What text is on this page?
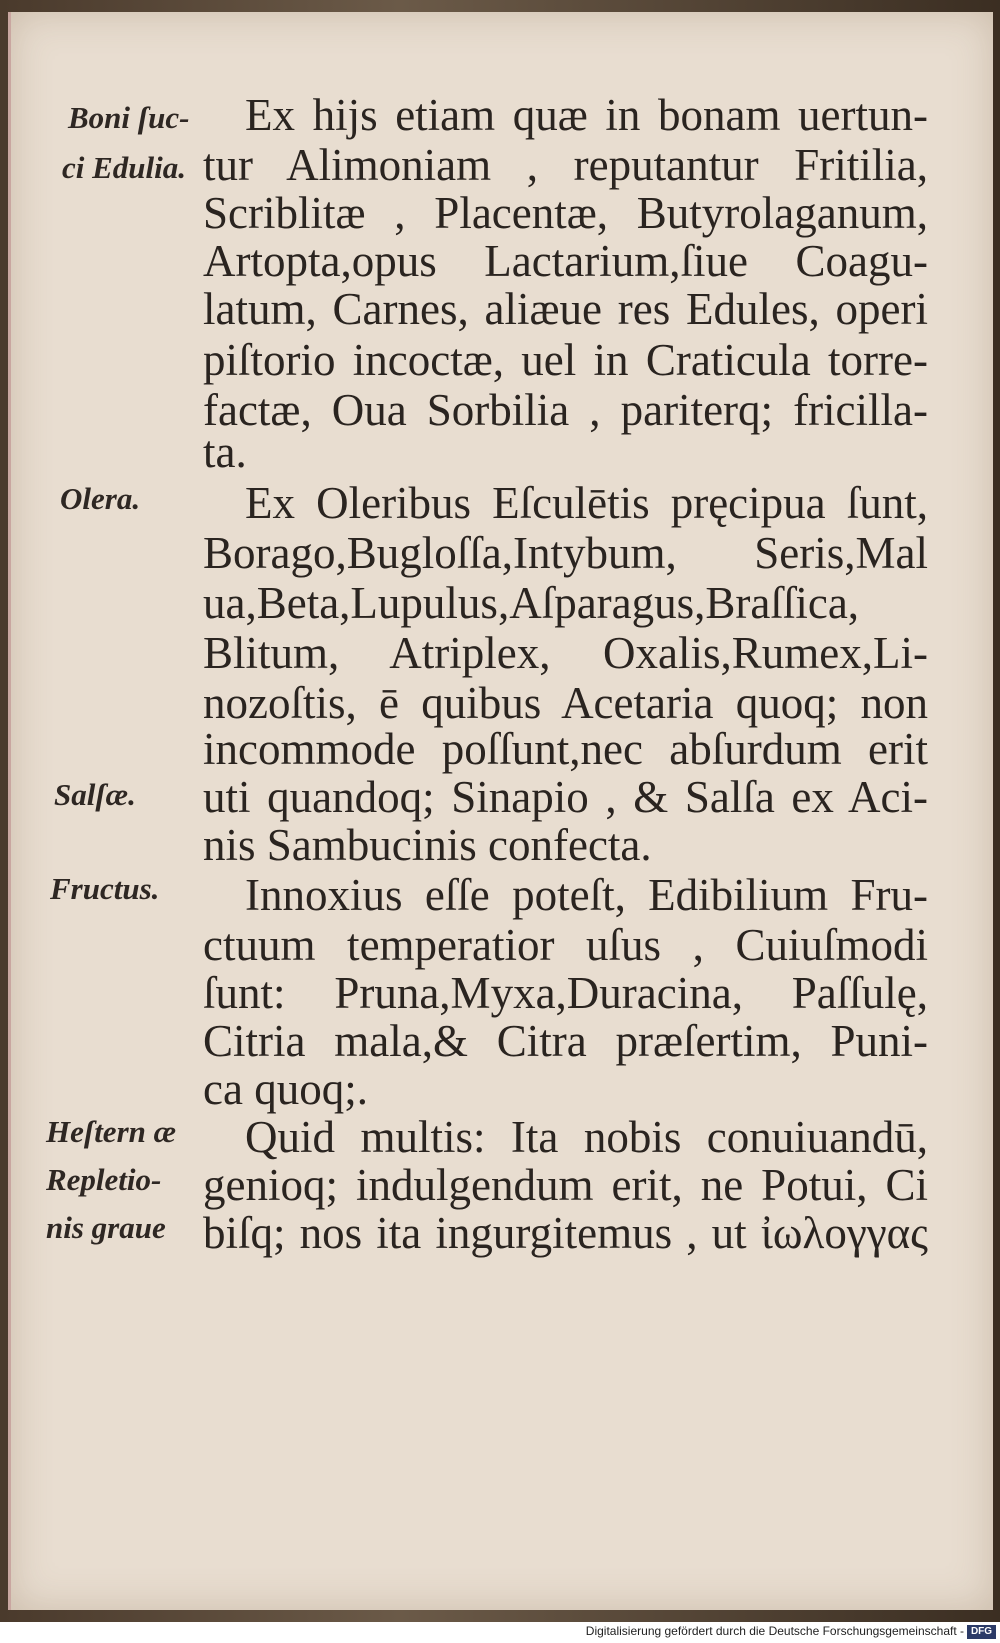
Boni ſuc-
ci Edulia.
Olera.
Salſæ.
Fructus.
Heſtern æ
Repletio-
nis graue
Ex hijs etiam quæ in bonam uertun-
tur Alimoniam , reputantur Fritilia,
Scriblitæ , Placentæ, Butyrolaganum,
Artopta,opus Lactarium,ſiue Coagu-
latum, Carnes, aliæue res Edules, operi
piſtorio incoctæ, uel in Craticula torre-
factæ, Oua Sorbilia , pariterq; fricilla-
ta.
Ex Oleribus Eſculētis pręcipua ſunt,
Borago,Bugloſſa,Intybum, Seris,Mal
ua,Beta,Lupulus,Aſparagus,Braſſica,
Blitum, Atriplex, Oxalis,Rumex,Li-
nozoſtis, ē quibus Acetaria quoq; non
incommode poſſunt,nec abſurdum erit
uti quandoq; Sinapio , & Salſa ex Aci-
nis Sambucinis confecta.
Innoxius eſſe poteſt, Edibilium Fru-
ctuum temperatior uſus , Cuiuſmodi
ſunt: Pruna,Myxa,Duracina, Paſſulę,
Citria mala,& Citra præſertim, Puni-
ca quoq;.
Quid multis: Ita nobis conuiuandū,
genioq; indulgendum erit, ne Potui, Ci
biſq; nos ita ingurgitemus , ut ἰωλογγας
Digitalisierung gefördert durch die Deutsche Forschungsgemeinschaft - DFG
